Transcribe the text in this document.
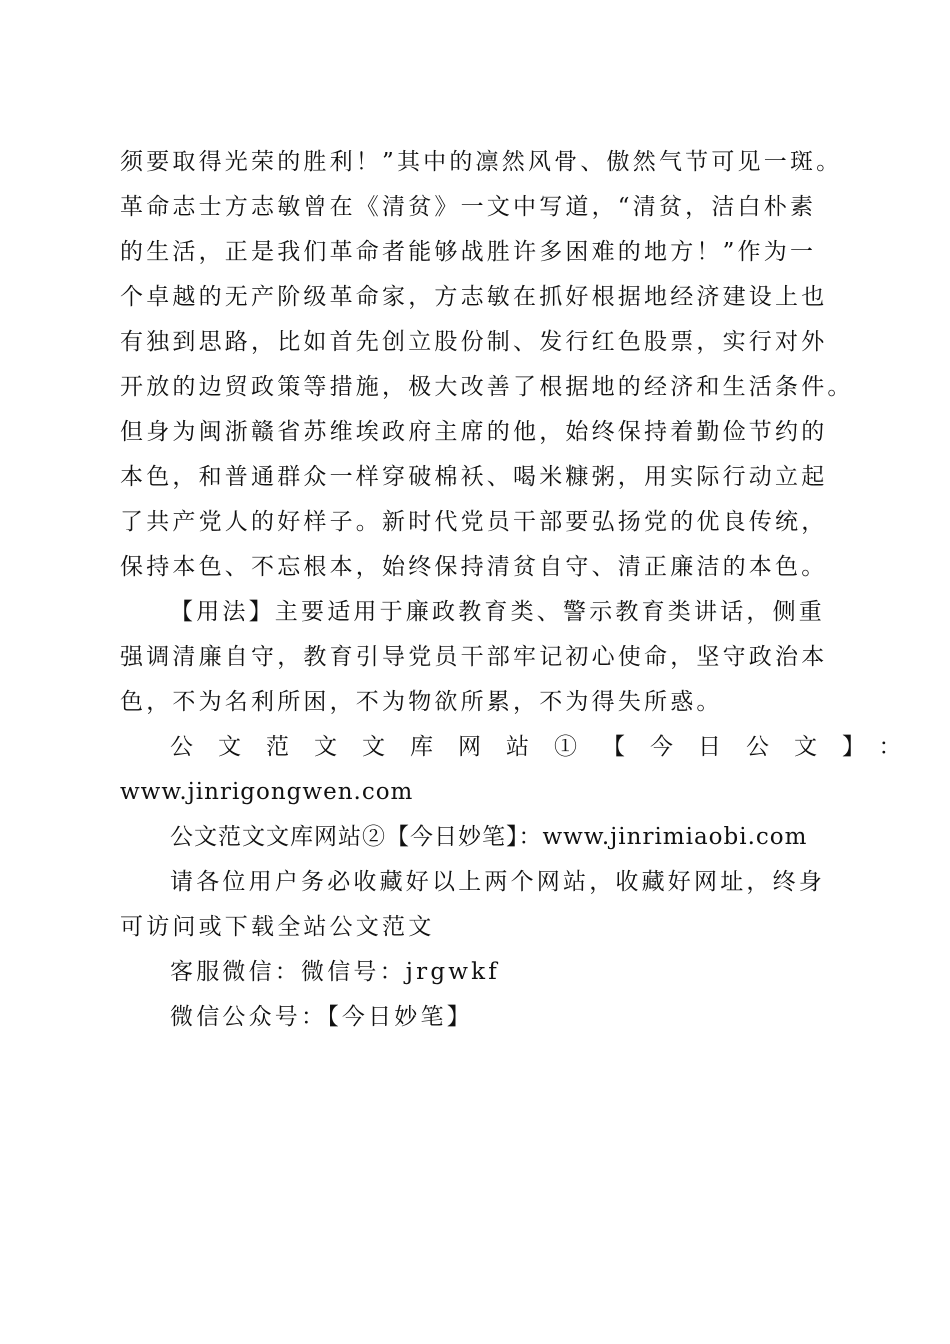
须要取得光荣的胜利！”其中的凛然风骨、傲然气节可见一斑。
革命志士方志敏曾在《清贫》一文中写道，“清贫，洁白朴素
的生活，正是我们革命者能够战胜许多困难的地方！”作为一
个卓越的无产阶级革命家，方志敏在抓好根据地经济建设上也
有独到思路，比如首先创立股份制、发行红色股票，实行对外
开放的边贸政策等措施，极大改善了根据地的经济和生活条件。
但身为闽浙赣省苏维埃政府主席的他，始终保持着勤俭节约的
本色，和普通群众一样穿破棉袄、喝米糠粥，用实际行动立起
了共产党人的好样子。新时代党员干部要弘扬党的优良传统，
保持本色、不忘根本，始终保持清贫自守、清正廉洁的本色。
【用法】主要适用于廉政教育类、警示教育类讲话，侧重
强调清廉自守，教育引导党员干部牢记初心使命，坚守政治本
色，不为名利所困，不为物欲所累，不为得失所惑。
公文范文文库网站①【今日公文】：
www.jinrigongwen.com
公文范文文库网站②【今日妙笔】：www.jinrimiaobi.com
请各位用户务必收藏好以上两个网站，收藏好网址，终身
可访问或下载全站公文范文
客服微信：微信号：jrgwkf
微信公众号：【今日妙笔】
